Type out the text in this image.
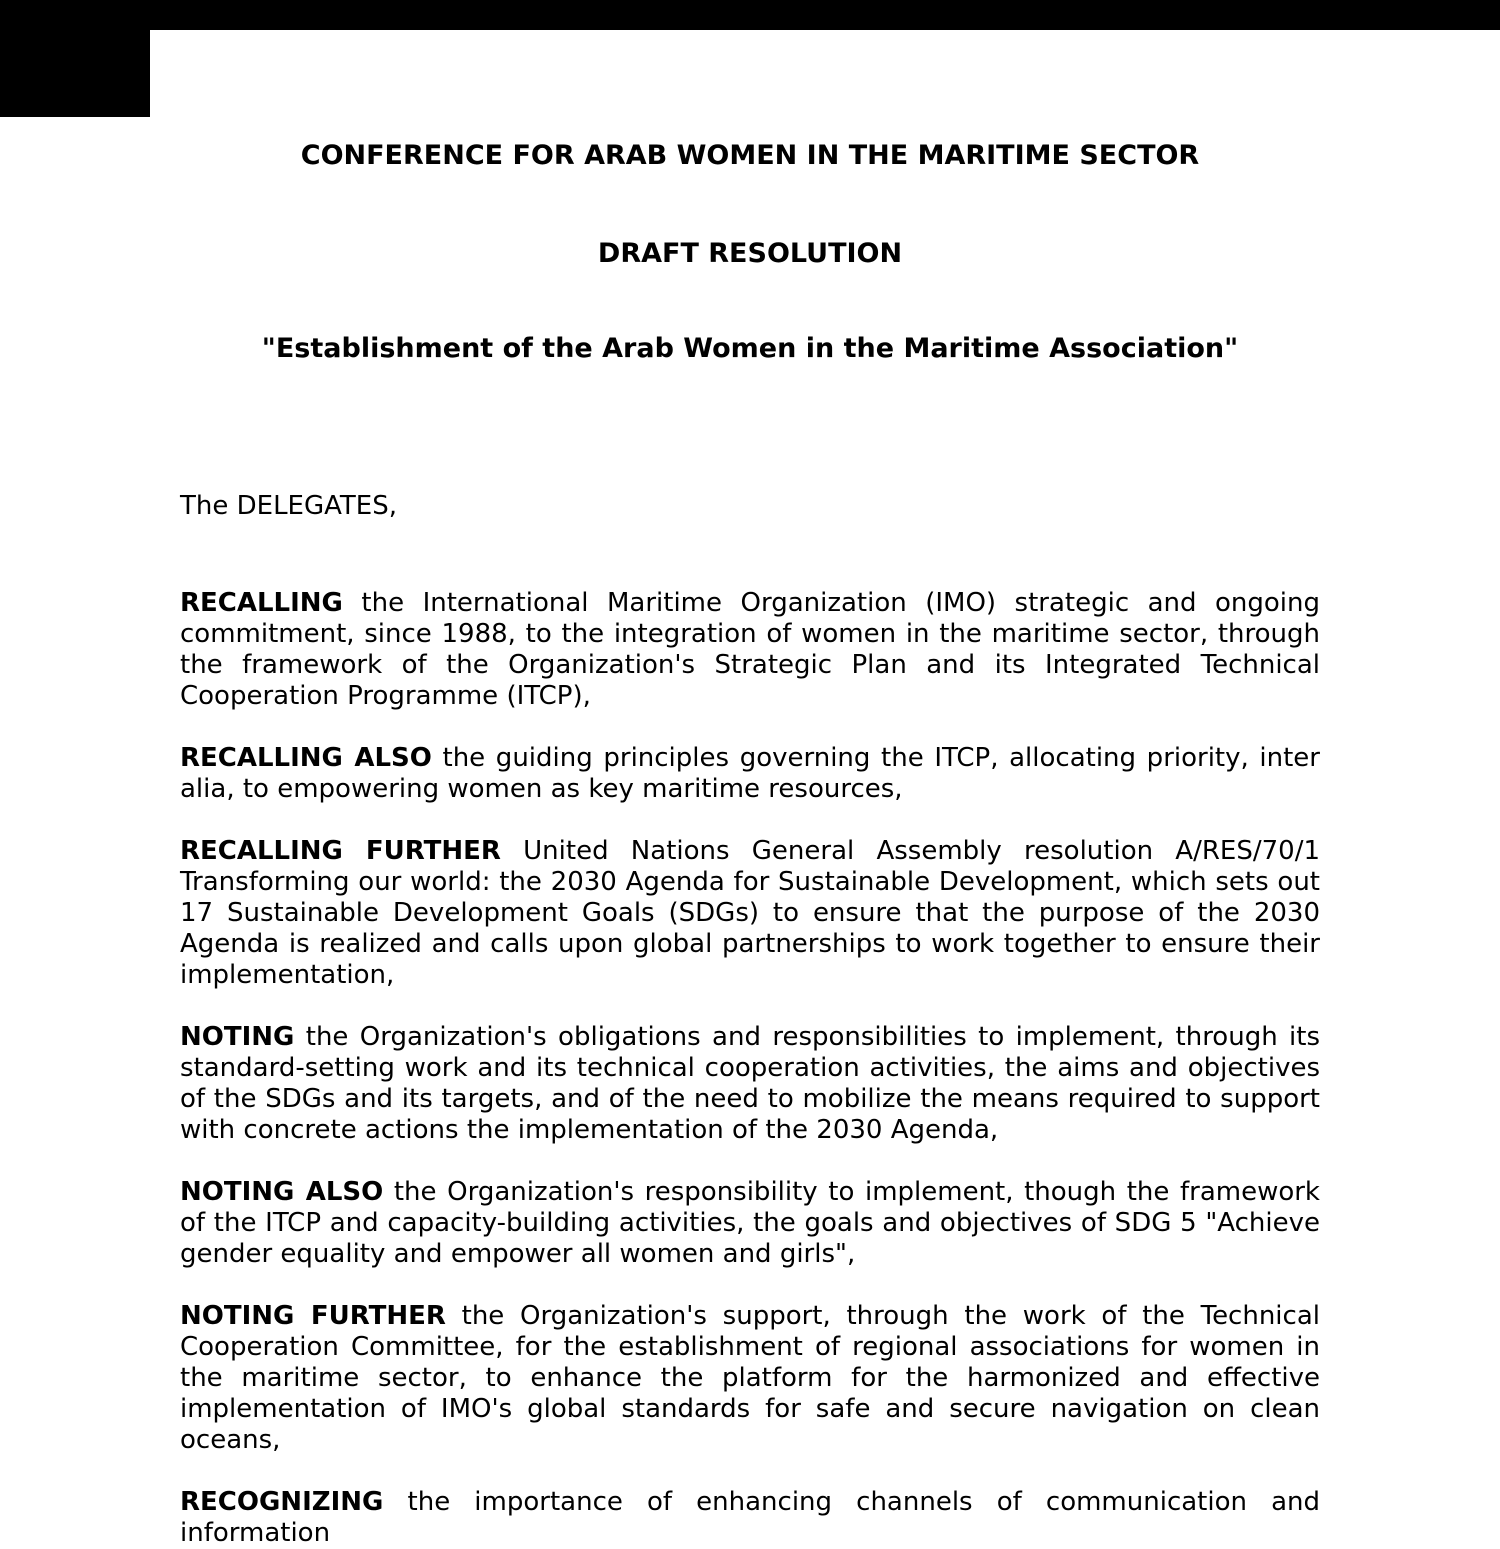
CONFERENCE FOR ARAB WOMEN IN THE MARITIME SECTOR
DRAFT RESOLUTION
"Establishment of the Arab Women in the Maritime Association"
The DELEGATES,

RECALLING the International Maritime Organization (IMO) strategic and ongoing commitment, since 1988, to the integration of women in the maritime sector, through the framework of the Organization's Strategic Plan and its Integrated Technical Cooperation Programme (ITCP),

RECALLING ALSO the guiding principles governing the ITCP, allocating priority, inter alia, to empowering women as key maritime resources,

RECALLING FURTHER United Nations General Assembly resolution A/RES/70/1 Transforming our world: the 2030 Agenda for Sustainable Development, which sets out 17 Sustainable Development Goals (SDGs) to ensure that the purpose of the 2030 Agenda is realized and calls upon global partnerships to work together to ensure their implementation,

NOTING the Organization's obligations and responsibilities to implement, through its standard-setting work and its technical cooperation activities, the aims and objectives of the SDGs and its targets, and of the need to mobilize the means required to support with concrete actions the implementation of the 2030 Agenda,

NOTING ALSO the Organization's responsibility to implement, though the framework of the ITCP and capacity-building activities, the goals and objectives of SDG 5 "Achieve gender equality and empower all women and girls",

NOTING FURTHER the Organization's support, through the work of the Technical Cooperation Committee, for the establishment of regional associations for women in the maritime sector, to enhance the platform for the harmonized and effective implementation of IMO's global standards for safe and secure navigation on clean oceans,

RECOGNIZING the importance of enhancing channels of communication and information
